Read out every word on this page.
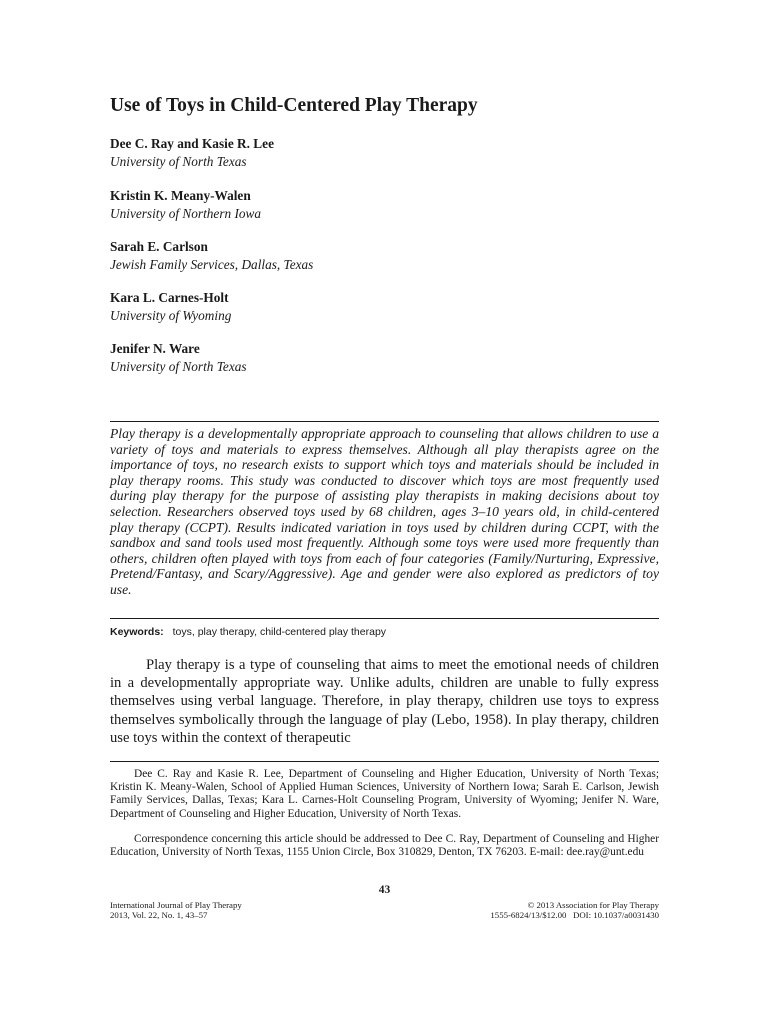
Use of Toys in Child-Centered Play Therapy
Dee C. Ray and Kasie R. Lee
University of North Texas
Kristin K. Meany-Walen
University of Northern Iowa
Sarah E. Carlson
Jewish Family Services, Dallas, Texas
Kara L. Carnes-Holt
University of Wyoming
Jenifer N. Ware
University of North Texas

Play therapy is a developmentally appropriate approach to counseling that allows children to use a variety of toys and materials to express themselves. Although all play therapists agree on the importance of toys, no research exists to support which toys and materials should be included in play therapy rooms. This study was conducted to discover which toys are most frequently used during play therapy for the purpose of assisting play therapists in making decisions about toy selection. Researchers observed toys used by 68 children, ages 3–10 years old, in child-centered play therapy (CCPT). Results indicated variation in toys used by children during CCPT, with the sandbox and sand tools used most frequently. Although some toys were used more frequently than others, children often played with toys from each of four categories (Family/Nurturing, Expressive, Pretend/Fantasy, and Scary/Aggressive). Age and gender were also explored as predictors of toy use.

Keywords: toys, play therapy, child-centered play therapy

Play therapy is a type of counseling that aims to meet the emotional needs of children in a developmentally appropriate way. Unlike adults, children are unable to fully express themselves using verbal language. Therefore, in play therapy, children use toys to express themselves symbolically through the language of play (Lebo, 1958). In play therapy, children use toys within the context of therapeutic

Dee C. Ray and Kasie R. Lee, Department of Counseling and Higher Education, University of North Texas; Kristin K. Meany-Walen, School of Applied Human Sciences, University of Northern Iowa; Sarah E. Carlson, Jewish Family Services, Dallas, Texas; Kara L. Carnes-Holt Counseling Program, University of Wyoming; Jenifer N. Ware, Department of Counseling and Higher Education, University of North Texas.

Correspondence concerning this article should be addressed to Dee C. Ray, Department of Counseling and Higher Education, University of North Texas, 1155 Union Circle, Box 310829, Denton, TX 76203. E-mail: dee.ray@unt.edu

43
International Journal of Play Therapy
2013, Vol. 22, No. 1, 43–57
© 2013 Association for Play Therapy
1555-6824/13/$12.00   DOI: 10.1037/a0031430
